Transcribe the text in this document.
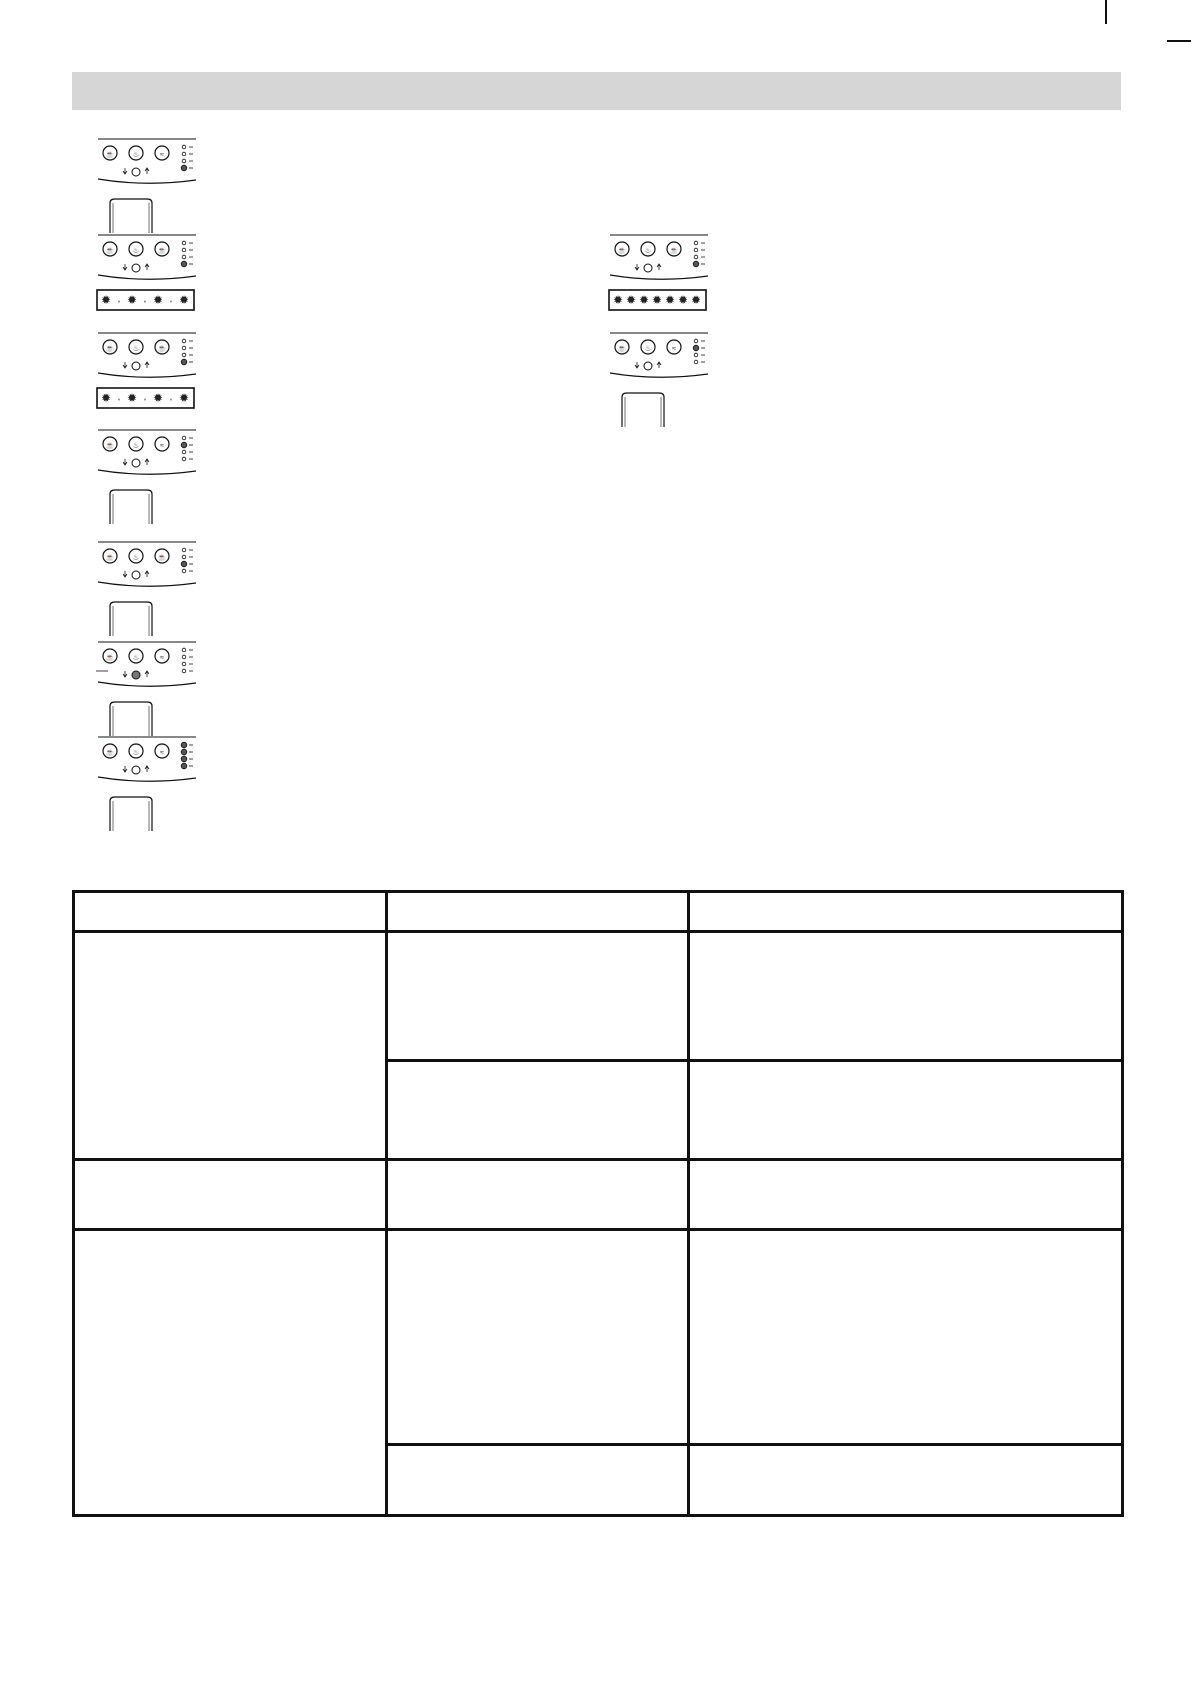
☕	♨	≈
☕	♨	☕
✹ • ✹ • ✹ • ✹
☕	♨	☕
✹ • ✹ • ✹ • ✹
☕	♨	≈
☕	♨	☕
☕	♨	≈
☕	♨	≈
☕	♨	☕
✹ ✹ ✹ ✹ ✹ ✹ ✹
☕	♨	≈
